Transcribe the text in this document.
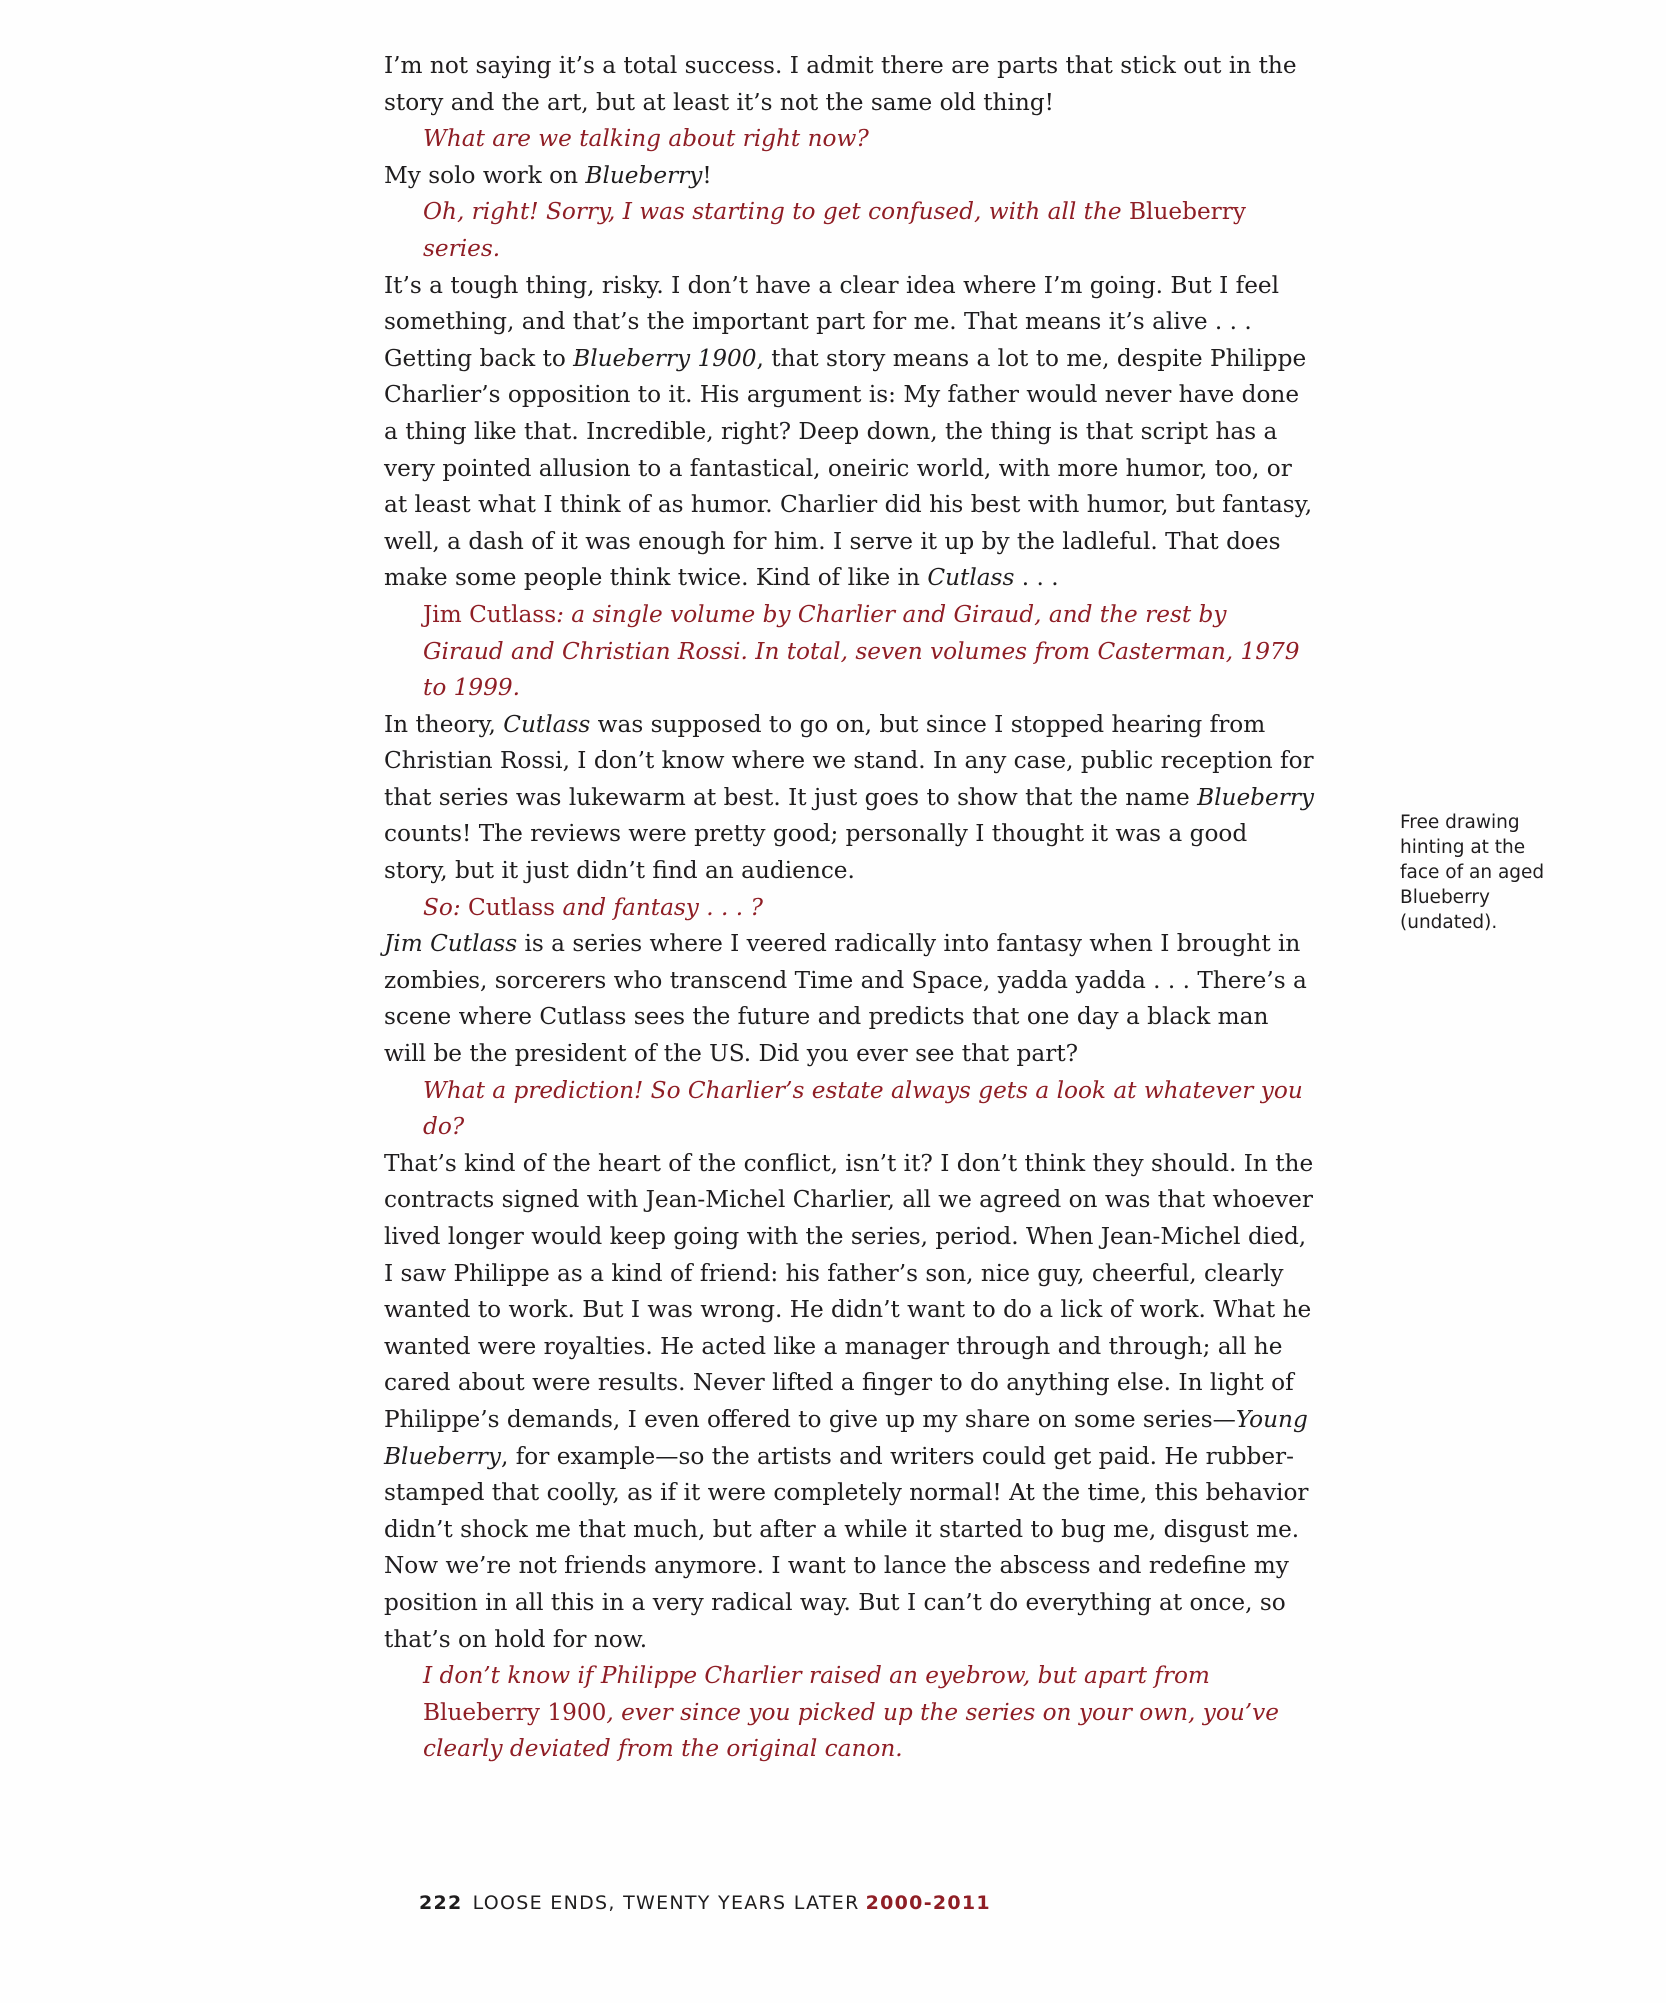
I’m not saying it’s a total success. I admit there are parts that stick out in the story and the art, but at least it’s not the same old thing!

What are we talking about right now?

My solo work on Blueberry!

Oh, right! Sorry, I was starting to get confused, with all the Blueberry series.

It’s a tough thing, risky. I don’t have a clear idea where I’m going. But I feel something, and that’s the important part for me. That means it’s alive . . . Getting back to Blueberry 1900, that story means a lot to me, despite Philippe Charlier’s opposition to it. His argument is: My father would never have done a thing like that. Incredible, right? Deep down, the thing is that script has a very pointed allusion to a fantastical, oneiric world, with more humor, too, or at least what I think of as humor. Charlier did his best with humor, but fantasy, well, a dash of it was enough for him. I serve it up by the ladleful. That does make some people think twice. Kind of like in Cutlass . . .

Jim Cutlass: a single volume by Charlier and Giraud, and the rest by Giraud and Christian Rossi. In total, seven volumes from Casterman, 1979 to 1999.

In theory, Cutlass was supposed to go on, but since I stopped hearing from Christian Rossi, I don’t know where we stand. In any case, public reception for that series was lukewarm at best. It just goes to show that the name Blueberry counts! The reviews were pretty good; personally I thought it was a good story, but it just didn’t find an audience.

So: Cutlass and fantasy . . . ?

Jim Cutlass is a series where I veered radically into fantasy when I brought in zombies, sorcerers who transcend Time and Space, yadda yadda . . . There’s a scene where Cutlass sees the future and predicts that one day a black man will be the president of the US. Did you ever see that part?

What a prediction! So Charlier’s estate always gets a look at whatever you do?

That’s kind of the heart of the conflict, isn’t it? I don’t think they should. In the contracts signed with Jean-Michel Charlier, all we agreed on was that whoever lived longer would keep going with the series, period. When Jean-Michel died, I saw Philippe as a kind of friend: his father’s son, nice guy, cheerful, clearly wanted to work. But I was wrong. He didn’t want to do a lick of work. What he wanted were royalties. He acted like a manager through and through; all he cared about were results. Never lifted a finger to do anything else. In light of Philippe’s demands, I even offered to give up my share on some series—Young Blueberry, for example—so the artists and writers could get paid. He rubber-stamped that coolly, as if it were completely normal! At the time, this behavior didn’t shock me that much, but after a while it started to bug me, disgust me. Now we’re not friends anymore. I want to lance the abscess and redefine my position in all this in a very radical way. But I can’t do everything at once, so that’s on hold for now.

I don’t know if Philippe Charlier raised an eyebrow, but apart from Blueberry 1900, ever since you picked up the series on your own, you’ve clearly deviated from the original canon.

Free drawing hinting at the face of an aged Blueberry (undated).

222 LOOSE ENDS, TWENTY YEARS LATER 2000-2011
